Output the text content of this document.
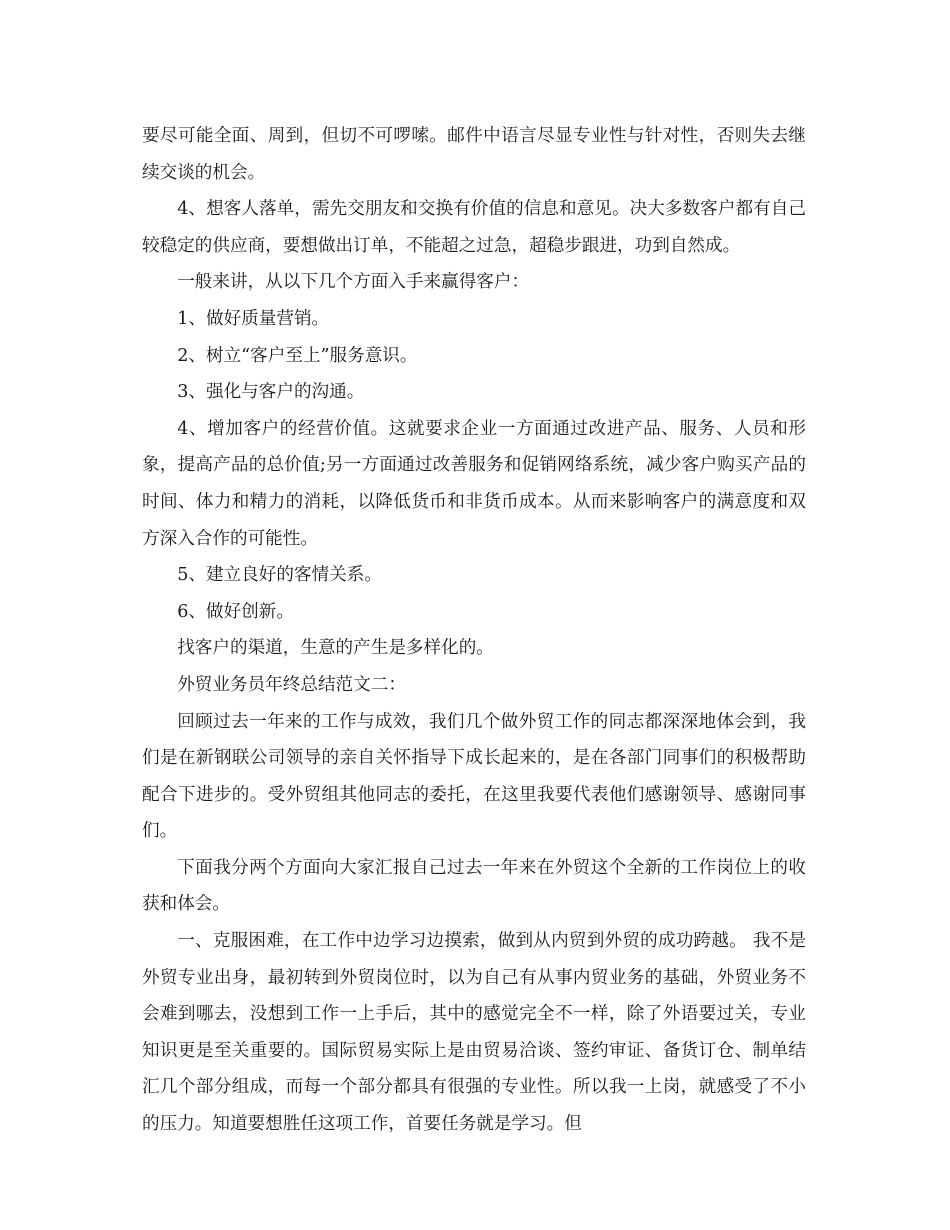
要尽可能全面、周到，但切不可啰嗦。邮件中语言尽显专业性与针对性，否则失去继续交谈的机会。

4、想客人落单，需先交朋友和交换有价值的信息和意见。决大多数客户都有自己较稳定的供应商，要想做出订单，不能超之过急，超稳步跟进，功到自然成。

一般来讲，从以下几个方面入手来赢得客户：

1、做好质量营销。

2、树立“客户至上”服务意识。

3、强化与客户的沟通。

4、增加客户的经营价值。这就要求企业一方面通过改进产品、服务、人员和形象，提高产品的总价值;另一方面通过改善服务和促销网络系统，减少客户购买产品的时间、体力和精力的消耗，以降低货币和非货币成本。从而来影响客户的满意度和双方深入合作的可能性。

5、建立良好的客情关系。

6、做好创新。

找客户的渠道，生意的产生是多样化的。

外贸业务员年终总结范文二：

回顾过去一年来的工作与成效，我们几个做外贸工作的同志都深深地体会到，我们是在新钢联公司领导的亲自关怀指导下成长起来的，是在各部门同事们的积极帮助配合下进步的。受外贸组其他同志的委托，在这里我要代表他们感谢领导、感谢同事们。

下面我分两个方面向大家汇报自己过去一年来在外贸这个全新的工作岗位上的收获和体会。

一、克服困难，在工作中边学习边摸索，做到从内贸到外贸的成功跨越。 我不是外贸专业出身，最初转到外贸岗位时，以为自己有从事内贸业务的基础，外贸业务不会难到哪去，没想到工作一上手后，其中的感觉完全不一样，除了外语要过关，专业知识更是至关重要的。国际贸易实际上是由贸易洽谈、签约审证、备货订仓、制单结汇几个部分组成，而每一个部分都具有很强的专业性。所以我一上岗，就感受了不小的压力。知道要想胜任这项工作，首要任务就是学习。但
